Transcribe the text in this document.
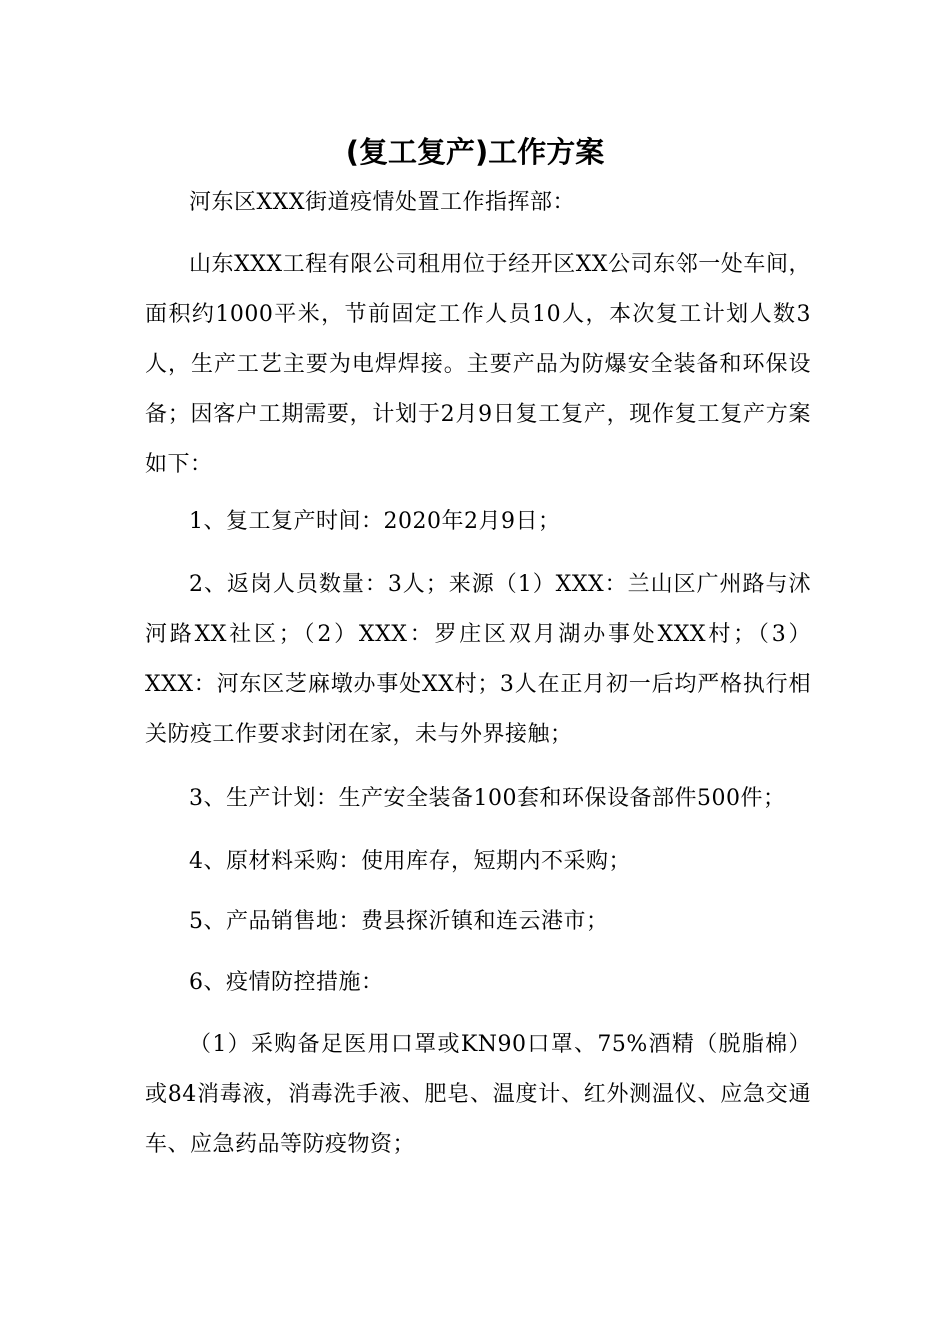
(复工复产)工作方案

河东区XXX街道疫情处置工作指挥部：

山东XXX工程有限公司租用位于经开区XX公司东邻一处车间，面积约1000平米，节前固定工作人员10人，本次复工计划人数3人，生产工艺主要为电焊焊接。主要产品为防爆安全装备和环保设备；因客户工期需要，计划于2月9日复工复产，现作复工复产方案如下：

1、复工复产时间：2020年2月9日；

2、返岗人员数量：3人；来源（1）XXX：兰山区广州路与沭河路XX社区；（2）XXX：罗庄区双月湖办事处XXX村；（3）XXX：河东区芝麻墩办事处XX村；3人在正月初一后均严格执行相关防疫工作要求封闭在家，未与外界接触；

3、生产计划：生产安全装备100套和环保设备部件500件；

4、原材料采购：使用库存，短期内不采购；

5、产品销售地：费县探沂镇和连云港市；

6、疫情防控措施：

（1）采购备足医用口罩或KN90口罩、75%酒精（脱脂棉）或84消毒液，消毒洗手液、肥皂、温度计、红外测温仪、应急交通车、应急药品等防疫物资；
